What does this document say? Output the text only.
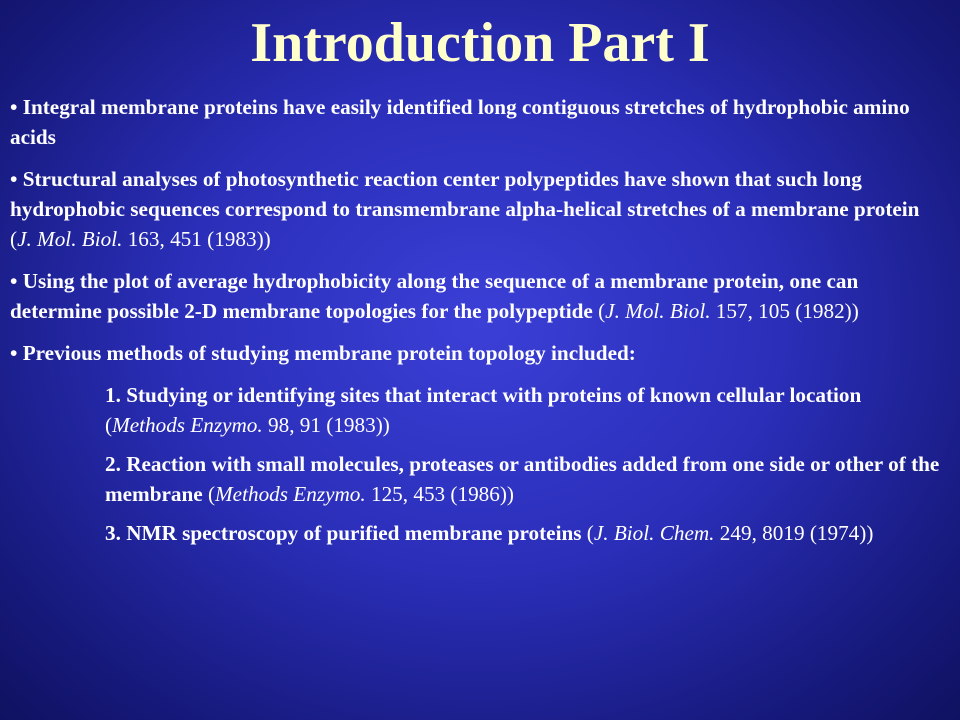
Introduction Part I

• Integral membrane proteins have easily identified long contiguous stretches of hydrophobic amino acids

• Structural analyses of photosynthetic reaction center polypeptides have shown that such long hydrophobic sequences correspond to transmembrane alpha-helical stretches of a membrane protein (J. Mol. Biol. 163, 451 (1983))

• Using the plot of average hydrophobicity along the sequence of a membrane protein, one can determine possible 2-D membrane topologies for the polypeptide (J. Mol. Biol. 157, 105 (1982))

• Previous methods of studying membrane protein topology included:

1. Studying or identifying sites that interact with proteins of known cellular location (Methods Enzymo. 98, 91 (1983))

2. Reaction with small molecules, proteases or antibodies added from one side or other of the membrane (Methods Enzymo. 125, 453 (1986))

3. NMR spectroscopy of purified membrane proteins (J. Biol. Chem. 249, 8019 (1974))
